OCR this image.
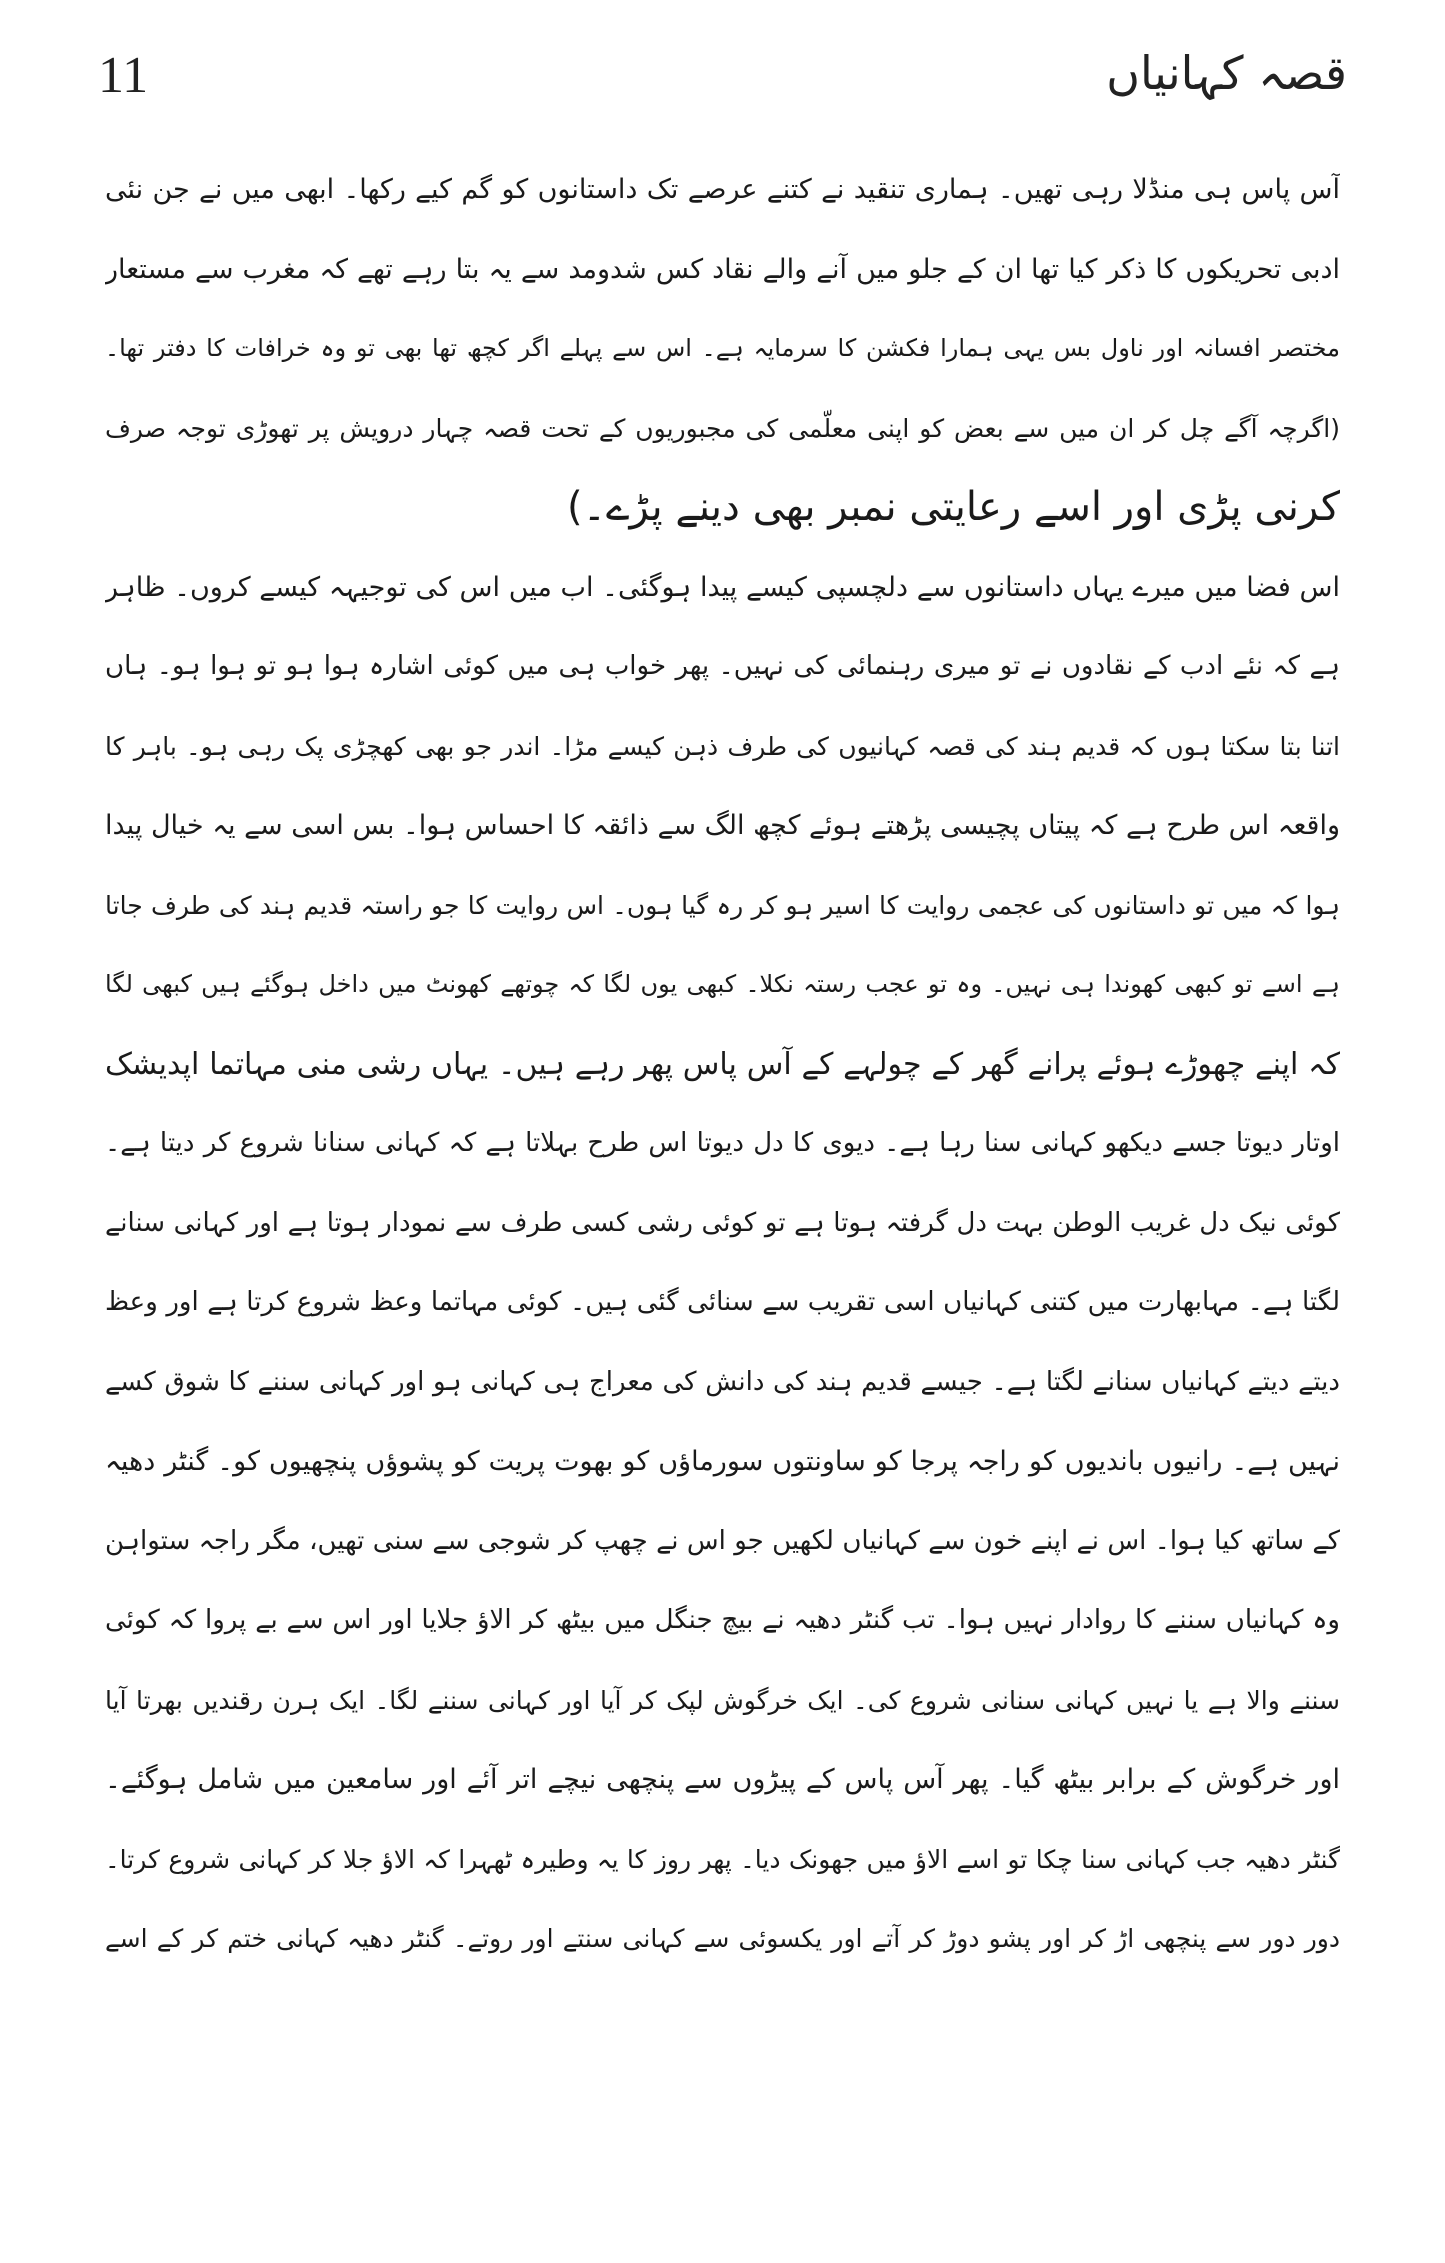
11	قصہ کہانیاں
آس پاس ہی منڈلا رہی تھیں۔ ہماری تنقید نے کتنے عرصے تک داستانوں کو گم کیے رکھا۔ ابھی میں نے جن نئی
ادبی تحریکوں کا ذکر کیا تھا ان کے جلو میں آنے والے نقاد کس شدومد سے یہ بتا رہے تھے کہ مغرب سے مستعار
مختصر افسانہ اور ناول بس یہی ہمارا فکشن کا سرمایہ ہے۔ اس سے پہلے اگر کچھ تھا بھی تو وہ خرافات کا دفتر تھا۔
(اگرچہ آگے چل کر ان میں سے بعض کو اپنی معلّمی کی مجبوریوں کے تحت قصہ چہار درویش پر تھوڑی توجہ صرف
کرنی پڑی اور اسے رعایتی نمبر بھی دینے پڑے۔)
اس فضا میں میرے یہاں داستانوں سے دلچسپی کیسے پیدا ہوگئی۔ اب میں اس کی توجیہہ کیسے کروں۔ ظاہر
ہے کہ نئے ادب کے نقادوں نے تو میری رہنمائی کی نہیں۔ پھر خواب ہی میں کوئی اشارہ ہوا ہو تو ہوا ہو۔ ہاں
اتنا بتا سکتا ہوں کہ قدیم ہند کی قصہ کہانیوں کی طرف ذہن کیسے مڑا۔ اندر جو بھی کھچڑی پک رہی ہو۔ باہر کا
واقعہ اس طرح ہے کہ پیتاں پچیسی پڑھتے ہوئے کچھ الگ سے ذائقہ کا احساس ہوا۔ بس اسی سے یہ خیال پیدا
ہوا کہ میں تو داستانوں کی عجمی روایت کا اسیر ہو کر رہ گیا ہوں۔ اس روایت کا جو راستہ قدیم ہند کی طرف جاتا
ہے اسے تو کبھی کھوندا ہی نہیں۔ وہ تو عجب رستہ نکلا۔ کبھی یوں لگا کہ چوتھے کھونٹ میں داخل ہوگئے ہیں کبھی لگا
کہ اپنے چھوڑے ہوئے پرانے گھر کے چولہے کے آس پاس پھر رہے ہیں۔ یہاں رشی منی مہاتما اپدیشک
اوتار دیوتا جسے دیکھو کہانی سنا رہا ہے۔ دیوی کا دل دیوتا اس طرح بہلاتا ہے کہ کہانی سنانا شروع کر دیتا ہے۔
کوئی نیک دل غریب الوطن بہت دل گرفتہ ہوتا ہے تو کوئی رشی کسی طرف سے نمودار ہوتا ہے اور کہانی سنانے
لگتا ہے۔ مہابھارت میں کتنی کہانیاں اسی تقریب سے سنائی گئی ہیں۔ کوئی مہاتما وعظ شروع کرتا ہے اور وعظ
دیتے دیتے کہانیاں سنانے لگتا ہے۔ جیسے قدیم ہند کی دانش کی معراج ہی کہانی ہو اور کہانی سننے کا شوق کسے
نہیں ہے۔ رانیوں باندیوں کو راجہ پرجا کو ساونتوں سورماؤں کو بھوت پریت کو پشوؤں پنچھیوں کو۔ گنٹر دھیہ
کے ساتھ کیا ہوا۔ اس نے اپنے خون سے کہانیاں لکھیں جو اس نے چھپ کر شوجی سے سنی تھیں، مگر راجہ ستواہن
وہ کہانیاں سننے کا روادار نہیں ہوا۔ تب گنٹر دھیہ نے بیچ جنگل میں بیٹھ کر الاؤ جلایا اور اس سے بے پروا کہ کوئی
سننے والا ہے یا نہیں کہانی سنانی شروع کی۔ ایک خرگوش لپک کر آیا اور کہانی سننے لگا۔ ایک ہرن رقندیں بھرتا آیا
اور خرگوش کے برابر بیٹھ گیا۔ پھر آس پاس کے پیڑوں سے پنچھی نیچے اتر آئے اور سامعین میں شامل ہوگئے۔
گنٹر دھیہ جب کہانی سنا چکا تو اسے الاؤ میں جھونک دیا۔ پھر روز کا یہ وطیرہ ٹھہرا کہ الاؤ جلا کر کہانی شروع کرتا۔
دور دور سے پنچھی اڑ کر اور پشو دوڑ کر آتے اور یکسوئی سے کہانی سنتے اور روتے۔ گنٹر دھیہ کہانی ختم کر کے اسے
